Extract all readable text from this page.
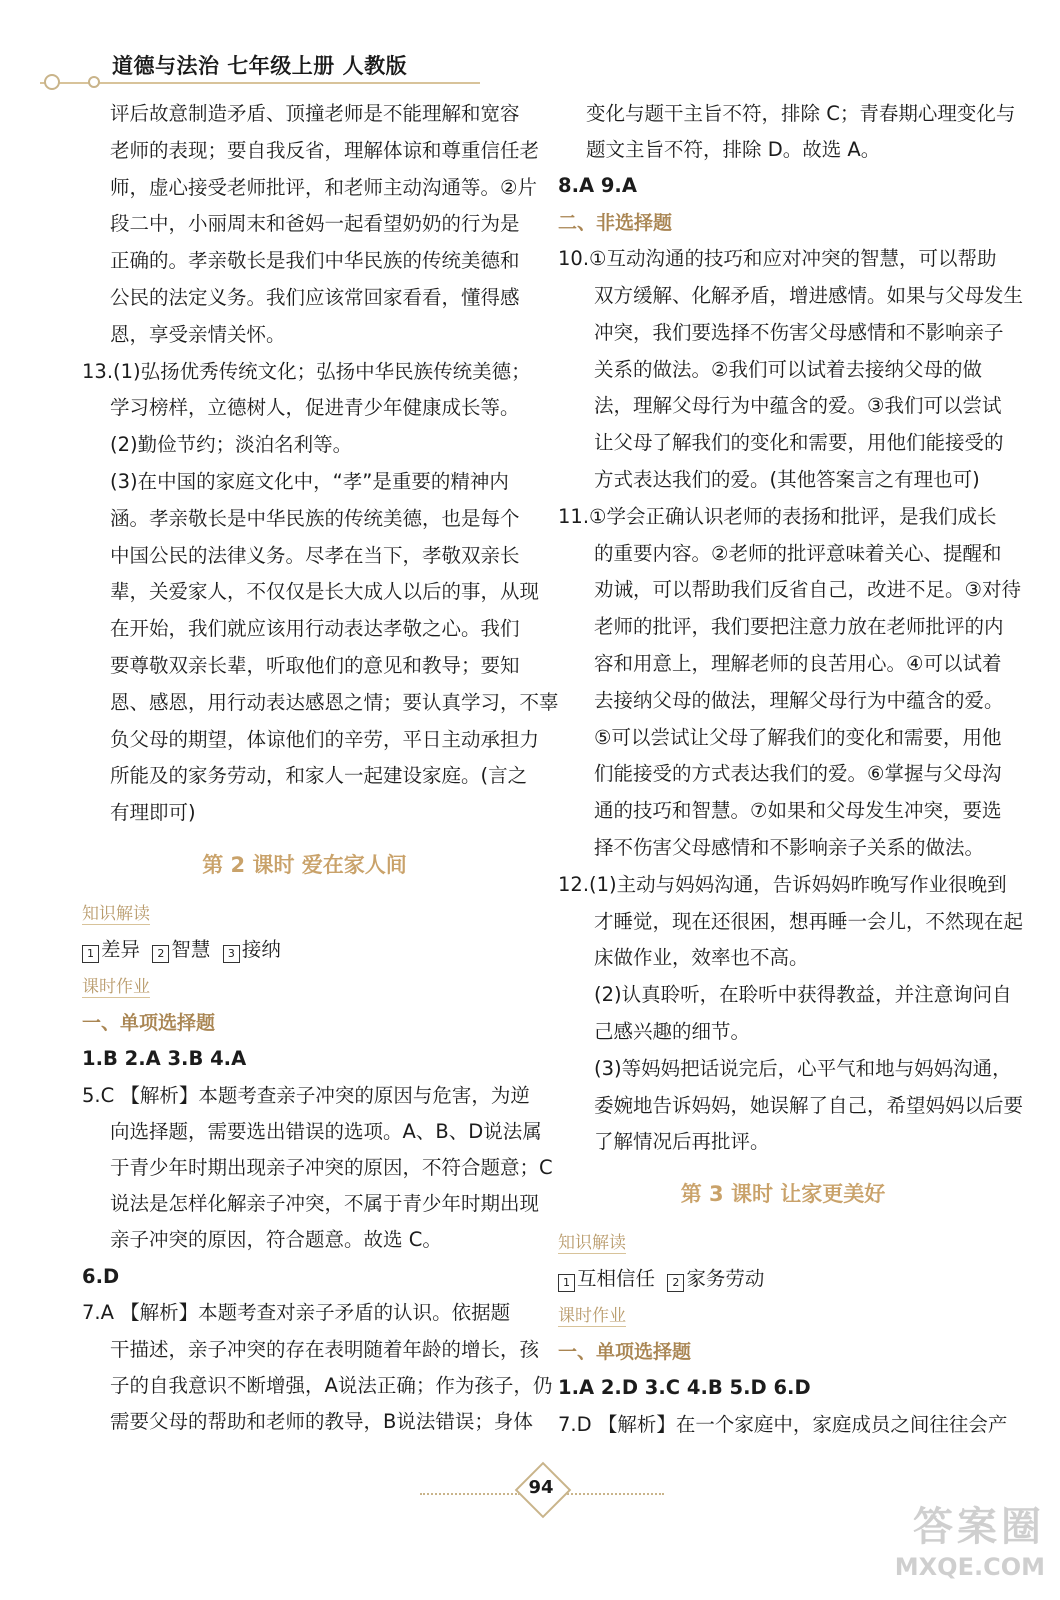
道德与法治 七年级上册 人教版
评后故意制造矛盾、顶撞老师是不能理解和宽容
老师的表现；要自我反省，理解体谅和尊重信任老
师，虚心接受老师批评，和老师主动沟通等。②片
段二中，小丽周末和爸妈一起看望奶奶的行为是
正确的。孝亲敬长是我们中华民族的传统美德和
公民的法定义务。我们应该常回家看看，懂得感
恩，享受亲情关怀。
13.(1)弘扬优秀传统文化；弘扬中华民族传统美德；
学习榜样，立德树人，促进青少年健康成长等。
(2)勤俭节约；淡泊名利等。
(3)在中国的家庭文化中，“孝”是重要的精神内
涵。孝亲敬长是中华民族的传统美德，也是每个
中国公民的法律义务。尽孝在当下，孝敬双亲长
辈，关爱家人，不仅仅是长大成人以后的事，从现
在开始，我们就应该用行动表达孝敬之心。我们
要尊敬双亲长辈，听取他们的意见和教导；要知
恩、感恩，用行动表达感恩之情；要认真学习，不辜
负父母的期望，体谅他们的辛劳，平日主动承担力
所能及的家务劳动，和家人一起建设家庭。(言之
有理即可)
第 2 课时 爱在家人间
知识解读
1 差异 2 智慧 3 接纳
课时作业
一、单项选择题
1.B 2.A 3.B 4.A
5.C 【解析】本题考查亲子冲突的原因与危害，为逆
向选择题，需要选出错误的选项。A、B、D说法属
于青少年时期出现亲子冲突的原因，不符合题意；C
说法是怎样化解亲子冲突，不属于青少年时期出现
亲子冲突的原因，符合题意。故选 C。
6.D
7.A 【解析】本题考查对亲子矛盾的认识。依据题
干描述，亲子冲突的存在表明随着年龄的增长，孩
子的自我意识不断增强，A说法正确；作为孩子，仍
需要父母的帮助和老师的教导，B说法错误；身体
变化与题干主旨不符，排除 C；青春期心理变化与
题文主旨不符，排除 D。故选 A。
8.A 9.A
二、非选择题
10.①互动沟通的技巧和应对冲突的智慧，可以帮助
双方缓解、化解矛盾，增进感情。如果与父母发生
冲突，我们要选择不伤害父母感情和不影响亲子
关系的做法。②我们可以试着去接纳父母的做
法，理解父母行为中蕴含的爱。③我们可以尝试
让父母了解我们的变化和需要，用他们能接受的
方式表达我们的爱。(其他答案言之有理也可)
11.①学会正确认识老师的表扬和批评，是我们成长
的重要内容。②老师的批评意味着关心、提醒和
劝诫，可以帮助我们反省自己，改进不足。③对待
老师的批评，我们要把注意力放在老师批评的内
容和用意上，理解老师的良苦用心。④可以试着
去接纳父母的做法，理解父母行为中蕴含的爱。
⑤可以尝试让父母了解我们的变化和需要，用他
们能接受的方式表达我们的爱。⑥掌握与父母沟
通的技巧和智慧。⑦如果和父母发生冲突，要选
择不伤害父母感情和不影响亲子关系的做法。
12.(1)主动与妈妈沟通，告诉妈妈昨晚写作业很晚到
才睡觉，现在还很困，想再睡一会儿，不然现在起
床做作业，效率也不高。
(2)认真聆听，在聆听中获得教益，并注意询问自
己感兴趣的细节。
(3)等妈妈把话说完后，心平气和地与妈妈沟通，
委婉地告诉妈妈，她误解了自己，希望妈妈以后要
了解情况后再批评。
第 3 课时 让家更美好
知识解读
1 互相信任 2 家务劳动
课时作业
一、单项选择题
1.A 2.D 3.C 4.B 5.D 6.D
7.D 【解析】在一个家庭中，家庭成员之间往往会产
94
答案圈
MXQE.COM
